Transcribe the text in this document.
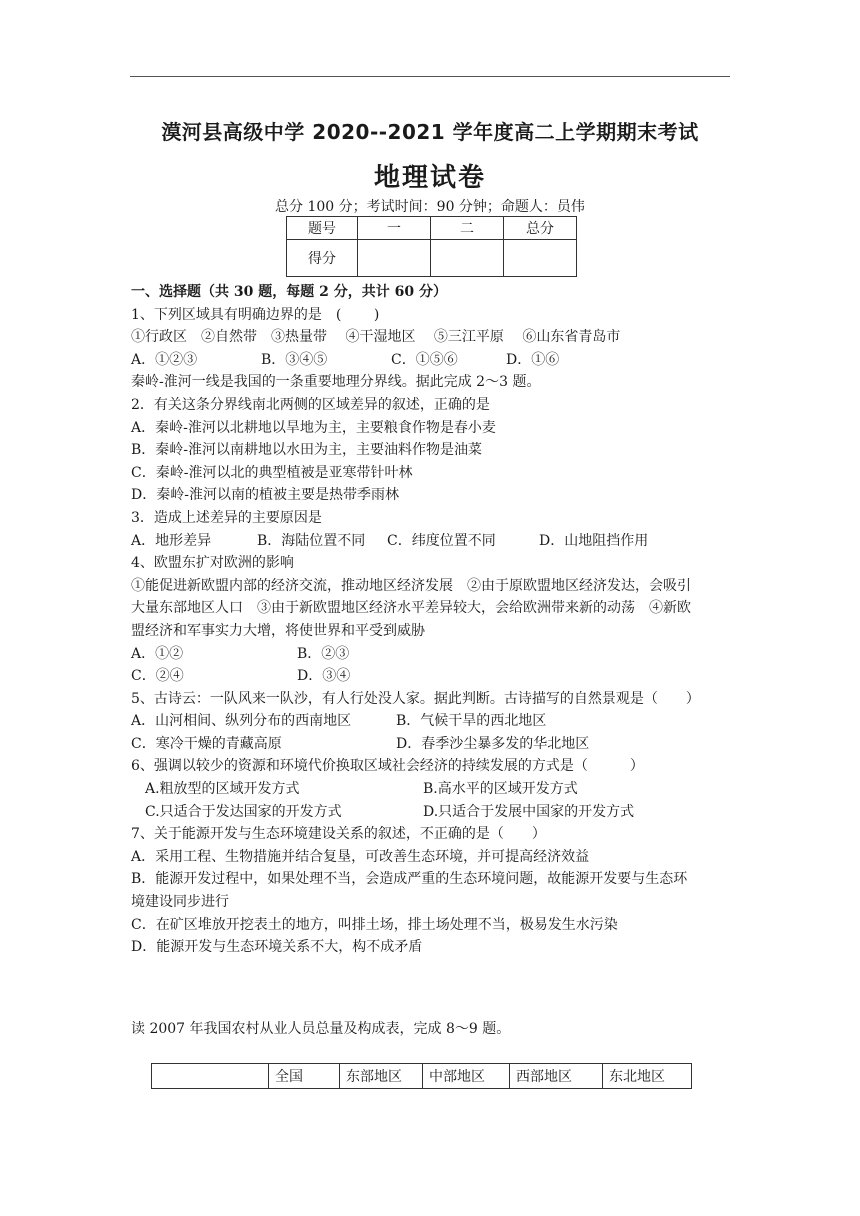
漠河县高级中学 2020--2021 学年度高二上学期期末考试
地理试卷
总分 100 分；考试时间：90 分钟；命题人：员伟
题号	一	二	总分
得分			

一、选择题（共 30 题，每题 2 分，共计 60 分）

1、下列区域具有明确边界的是　(　　 )

①行政区　②自然带　③热量带　 ④干湿地区　 ⑤三江平原　 ⑥山东省青岛市

A．①②③	B．③④⑤	C．①⑤⑥	D．①⑥

秦岭-淮河一线是我国的一条重要地理分界线。据此完成 2～3 题。

2．有关这条分界线南北两侧的区域差异的叙述，正确的是

A．秦岭-淮河以北耕地以旱地为主，主要粮食作物是春小麦

B．秦岭-淮河以南耕地以水田为主，主要油料作物是油菜

C．秦岭-淮河以北的典型植被是亚寒带针叶林

D．秦岭-淮河以南的植被主要是热带季雨林

3．造成上述差异的主要原因是

A．地形差异	B．海陆位置不同	C．纬度位置不同	D．山地阻挡作用

4、欧盟东扩对欧洲的影响

①能促进新欧盟内部的经济交流，推动地区经济发展　②由于原欧盟地区经济发达，会吸引

大量东部地区人口　③由于新欧盟地区经济水平差异较大，会给欧洲带来新的动荡　④新欧

盟经济和军事实力大增，将使世界和平受到威胁

A．①②	B．②③

C．②④	D．③④

5、古诗云：一队风来一队沙，有人行处没人家。据此判断。古诗描写的自然景观是（　　）

A．山河相间、纵列分布的西南地区	B．气候干旱的西北地区

C．寒冷干燥的青藏高原	D．春季沙尘暴多发的华北地区

6、强调以较少的资源和环境代价换取区域社会经济的持续发展的方式是（　　　）

A.粗放型的区域开发方式	B.高水平的区域开发方式

C.只适合于发达国家的开发方式	D.只适合于发展中国家的开发方式

7、关于能源开发与生态环境建设关系的叙述，不正确的是（　　）

A．采用工程、生物措施并结合复垦，可改善生态环境，并可提高经济效益

B．能源开发过程中，如果处理不当，会造成严重的生态环境问题，故能源开发要与生态环

境建设同步进行

C．在矿区堆放开挖表土的地方，叫排土场，排土场处理不当，极易发生水污染

D．能源开发与生态环境关系不大，构不成矛盾

读 2007 年我国农村从业人员总量及构成表，完成 8～9 题。
	全国	东部地区	中部地区	西部地区	东北地区
